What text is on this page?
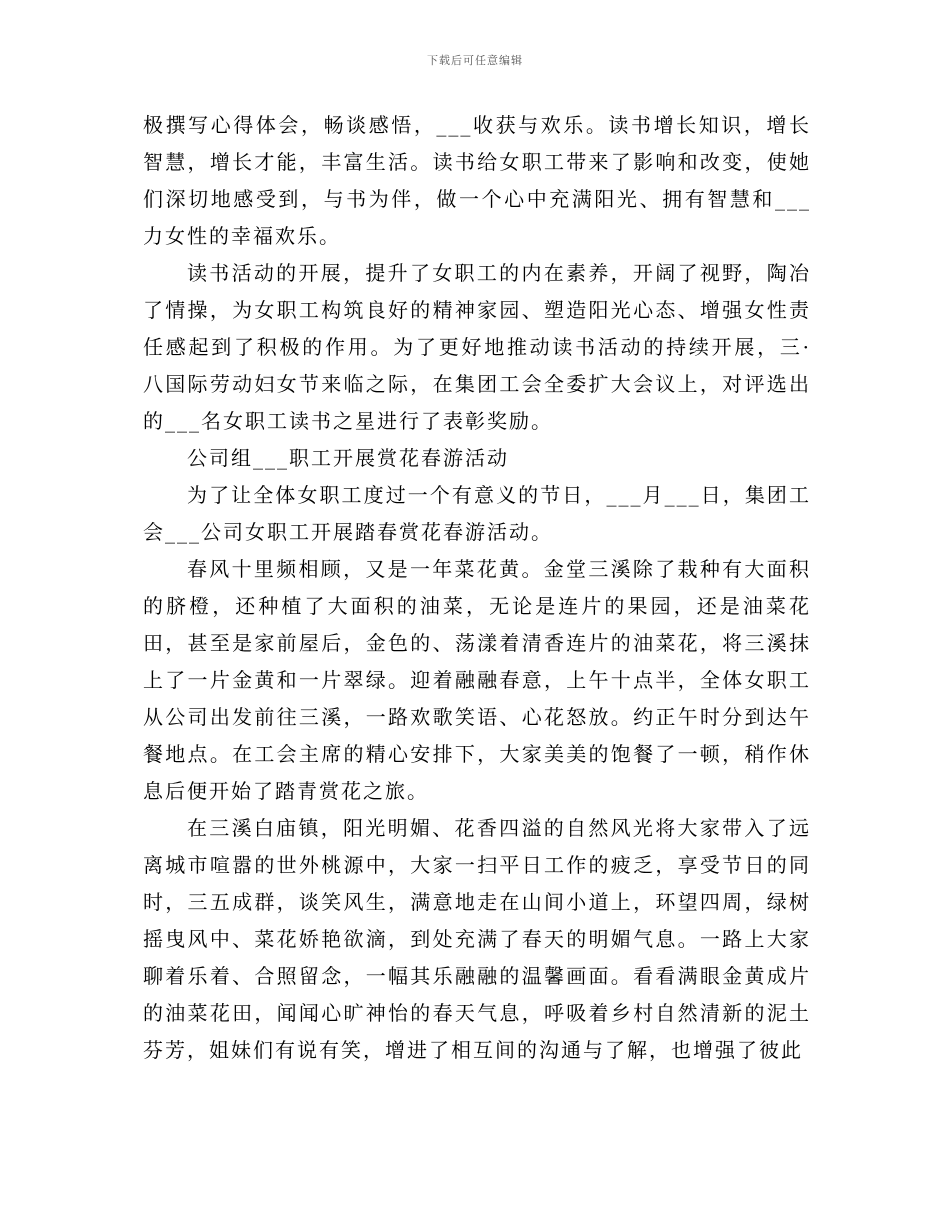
下载后可任意编辑

极撰写心得体会，畅谈感悟，___收获与欢乐。读书增长知识，增长智慧，增长才能，丰富生活。读书给女职工带来了影响和改变，使她们深切地感受到，与书为伴，做一个心中充满阳光、拥有智慧和___力女性的幸福欢乐。

读书活动的开展，提升了女职工的内在素养，开阔了视野，陶冶了情操，为女职工构筑良好的精神家园、塑造阳光心态、增强女性责任感起到了积极的作用。为了更好地推动读书活动的持续开展，三·八国际劳动妇女节来临之际，在集团工会全委扩大会议上，对评选出的___名女职工读书之星进行了表彰奖励。

公司组___职工开展赏花春游活动

为了让全体女职工度过一个有意义的节日，___月___日，集团工会___公司女职工开展踏春赏花春游活动。

春风十里频相顾，又是一年菜花黄。金堂三溪除了栽种有大面积的脐橙，还种植了大面积的油菜，无论是连片的果园，还是油菜花田，甚至是家前屋后，金色的、荡漾着清香连片的油菜花，将三溪抹上了一片金黄和一片翠绿。迎着融融春意，上午十点半，全体女职工从公司出发前往三溪，一路欢歌笑语、心花怒放。约正午时分到达午餐地点。在工会主席的精心安排下，大家美美的饱餐了一顿，稍作休息后便开始了踏青赏花之旅。

在三溪白庙镇，阳光明媚、花香四溢的自然风光将大家带入了远离城市喧嚣的世外桃源中，大家一扫平日工作的疲乏，享受节日的同时，三五成群，谈笑风生，满意地走在山间小道上，环望四周，绿树摇曳风中、菜花娇艳欲滴，到处充满了春天的明媚气息。一路上大家聊着乐着、合照留念，一幅其乐融融的温馨画面。看看满眼金黄成片的油菜花田，闻闻心旷神怡的春天气息，呼吸着乡村自然清新的泥土芬芳，姐妹们有说有笑，增进了相互间的沟通与了解，也增强了彼此
